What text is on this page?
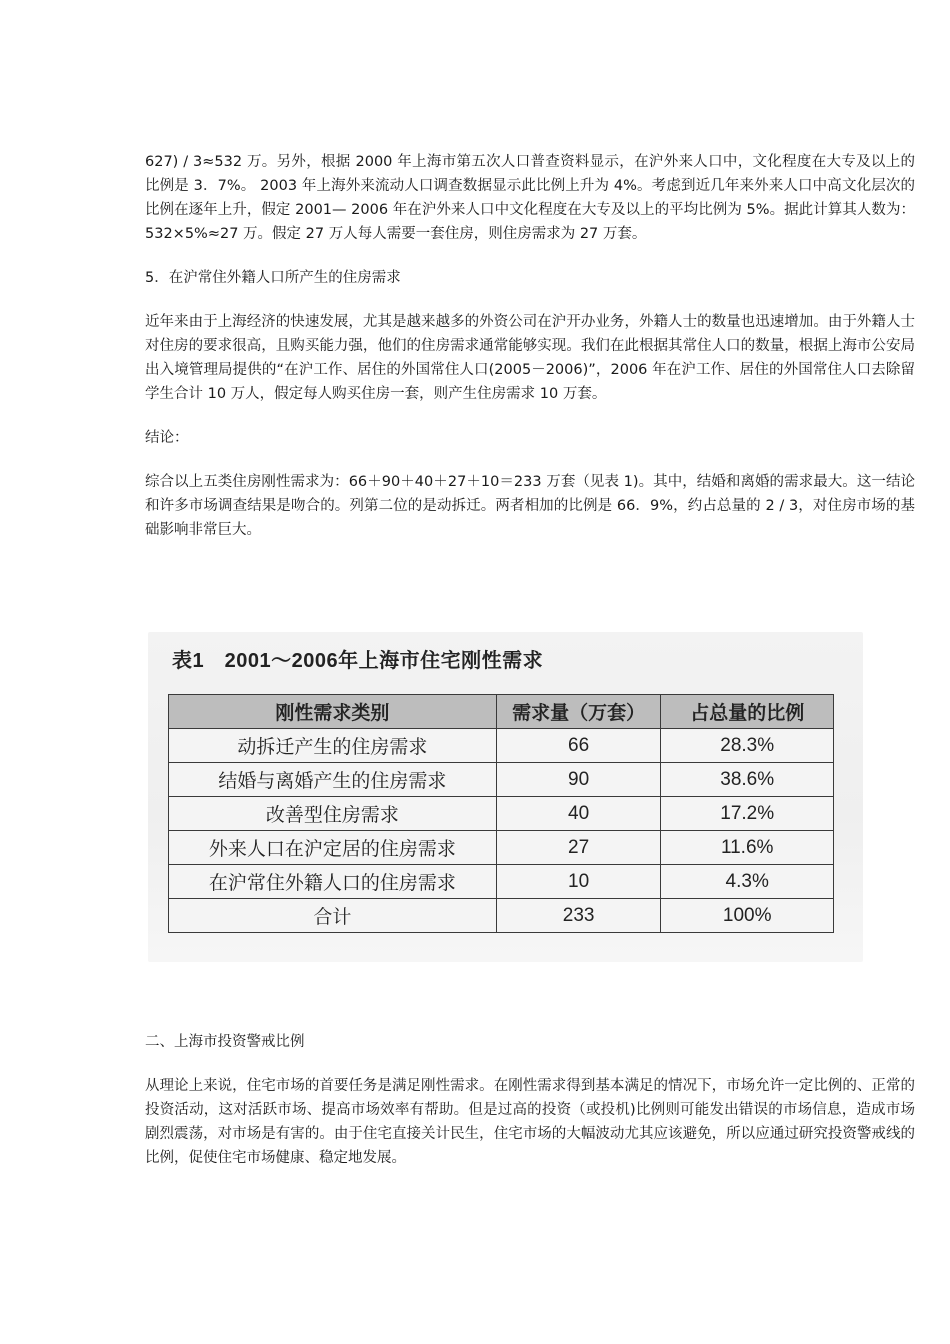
627) / 3≈532 万。另外，根据 2000 年上海市第五次人口普查资料显示，在沪外来人口中，文化程度在大专及以上的比例是 3．7%。 2003 年上海外来流动人口调查数据显示此比例上升为 4%。考虑到近几年来外来人口中高文化层次的比例在逐年上升，假定 2001— 2006 年在沪外来人口中文化程度在大专及以上的平均比例为 5%。据此计算其人数为：532×5%≈27 万。假定 27 万人每人需要一套住房，则住房需求为 27 万套。

5．在沪常住外籍人口所产生的住房需求

近年来由于上海经济的快速发展，尤其是越来越多的外资公司在沪开办业务，外籍人士的数量也迅速增加。由于外籍人士对住房的要求很高，且购买能力强，他们的住房需求通常能够实现。我们在此根据其常住人口的数量，根据上海市公安局出入境管理局提供的“在沪工作、居住的外国常住人口(2005－2006)”，2006 年在沪工作、居住的外国常住人口去除留学生合计 10 万人，假定每人购买住房一套，则产生住房需求 10 万套。

结论：

综合以上五类住房刚性需求为：66＋90＋40＋27＋10＝233 万套（见表 1)。其中，结婚和离婚的需求最大。这一结论和许多市场调查结果是吻合的。列第二位的是动拆迁。两者相加的比例是 66．9%，约占总量的 2 / 3，对住房市场的基础影响非常巨大。

表1　2001～2006年上海市住宅刚性需求
刚性需求类别	需求量（万套）	占总量的比例
动拆迁产生的住房需求	66	28.3%
结婚与离婚产生的住房需求	90	38.6%
改善型住房需求	40	17.2%
外来人口在沪定居的住房需求	27	11.6%
在沪常住外籍人口的住房需求	10	4.3%
合计	233	100%

二、上海市投资警戒比例

从理论上来说，住宅市场的首要任务是满足刚性需求。在刚性需求得到基本满足的情况下，市场允许一定比例的、正常的投资活动，这对活跃市场、提高市场效率有帮助。但是过高的投资（或投机)比例则可能发出错误的市场信息，造成市场剧烈震荡，对市场是有害的。由于住宅直接关计民生，住宅市场的大幅波动尤其应该避免，所以应通过研究投资警戒线的比例，促使住宅市场健康、稳定地发展。
